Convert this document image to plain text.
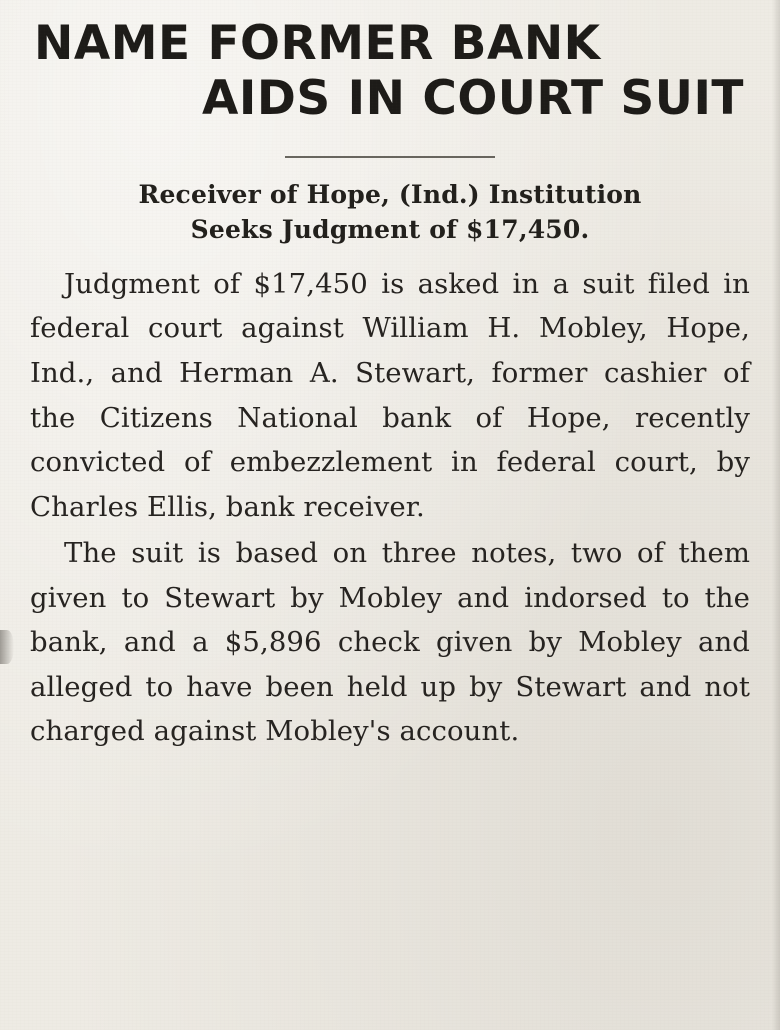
NAME FORMER BANK
AIDS IN COURT SUIT
Receiver of Hope, (Ind.) Institution
Seeks Judgment of $17,450.

Judgment of $17,450 is asked in a suit filed in federal court against William H. Mobley, Hope, Ind., and Herman A. Stewart, former cashier of the Citizens National bank of Hope, recently convicted of embezzlement in federal court, by Charles Ellis, bank receiver.

The suit is based on three notes, two of them given to Stewart by Mobley and indorsed to the bank, and a $5,896 check given by Mobley and alleged to have been held up by Stewart and not charged against Mobley's account.
